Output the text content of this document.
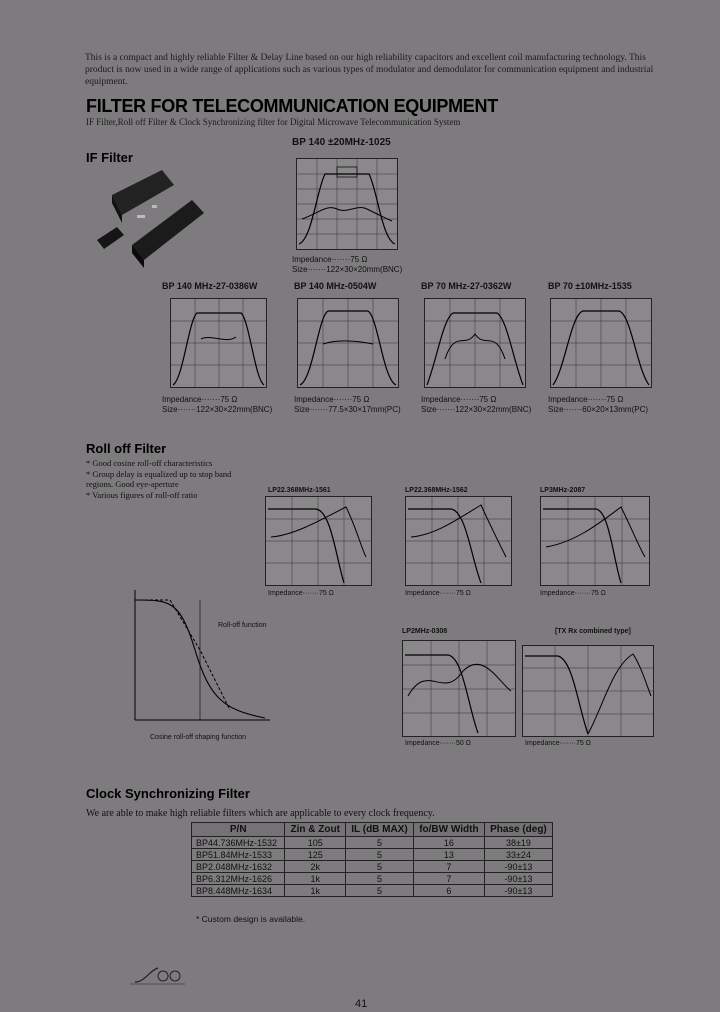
This is a compact and highly reliable Filter & Delay Line based on our high reliability capacitors and excellent coil manufacturing technology. This product is now used in a wide range of applications such as various types of modulator and demodulator for communication equipment and industrial equipment.
FILTER FOR TELECOMMUNICATION EQUIPMENT
IF Filter,Roll off Filter & Clock Synchronizing filter for Digital Microwave Telecommunication System
IF Filter
BP 140 ±20MHz-1025
Impedance·······75 Ω
Size·······122×30×20mm(BNC)
BP 140 MHz-27-0386W
Impedance·······75 Ω
Size·······122×30×22mm(BNC)
BP 140 MHz-0504W
Impedance·······75 Ω
Size·······77.5×30×17mm(PC)
BP 70 MHz-27-0362W
Impedance·······75 Ω
Size·······122×30×22mm(BNC)
BP 70 ±10MHz-1535
Impedance·······75 Ω
Size·······60×20×13mm(PC)
Roll off Filter
* Good cosine roll-off characteristics
* Group delay is equalized up to stop band
regions. Good eye-aperture
* Various figures of roll-off ratio
Roll-off function
Cosine roll-off shaping function
LP22.368MHz-1561
Impedance·······75 Ω
LP22.368MHz-1562
Impedance·······75 Ω
LP3MHz-2087
Impedance·······75 Ω
LP2MHz-0308
Impedance·······50 Ω
[TX Rx combined type]
Impedance·······75 Ω
Clock Synchronizing Filter
We are able to make high reliable filters which are applicable to every clock frequency.
P/N	Zin & Zout	IL (dB MAX)	fo/BW Width	Phase (deg)
BP44.736MHz-1532	105	5	16	38±19
BP51.84MHz-1533	125	5	13	33±24
BP2.048MHz-1632	2k	5	7	-90±13
BP6.312MHz-1626	1k	5	7	-90±13
BP8.448MHz-1634	1k	5	6	-90±13
* Custom design is available.
41
